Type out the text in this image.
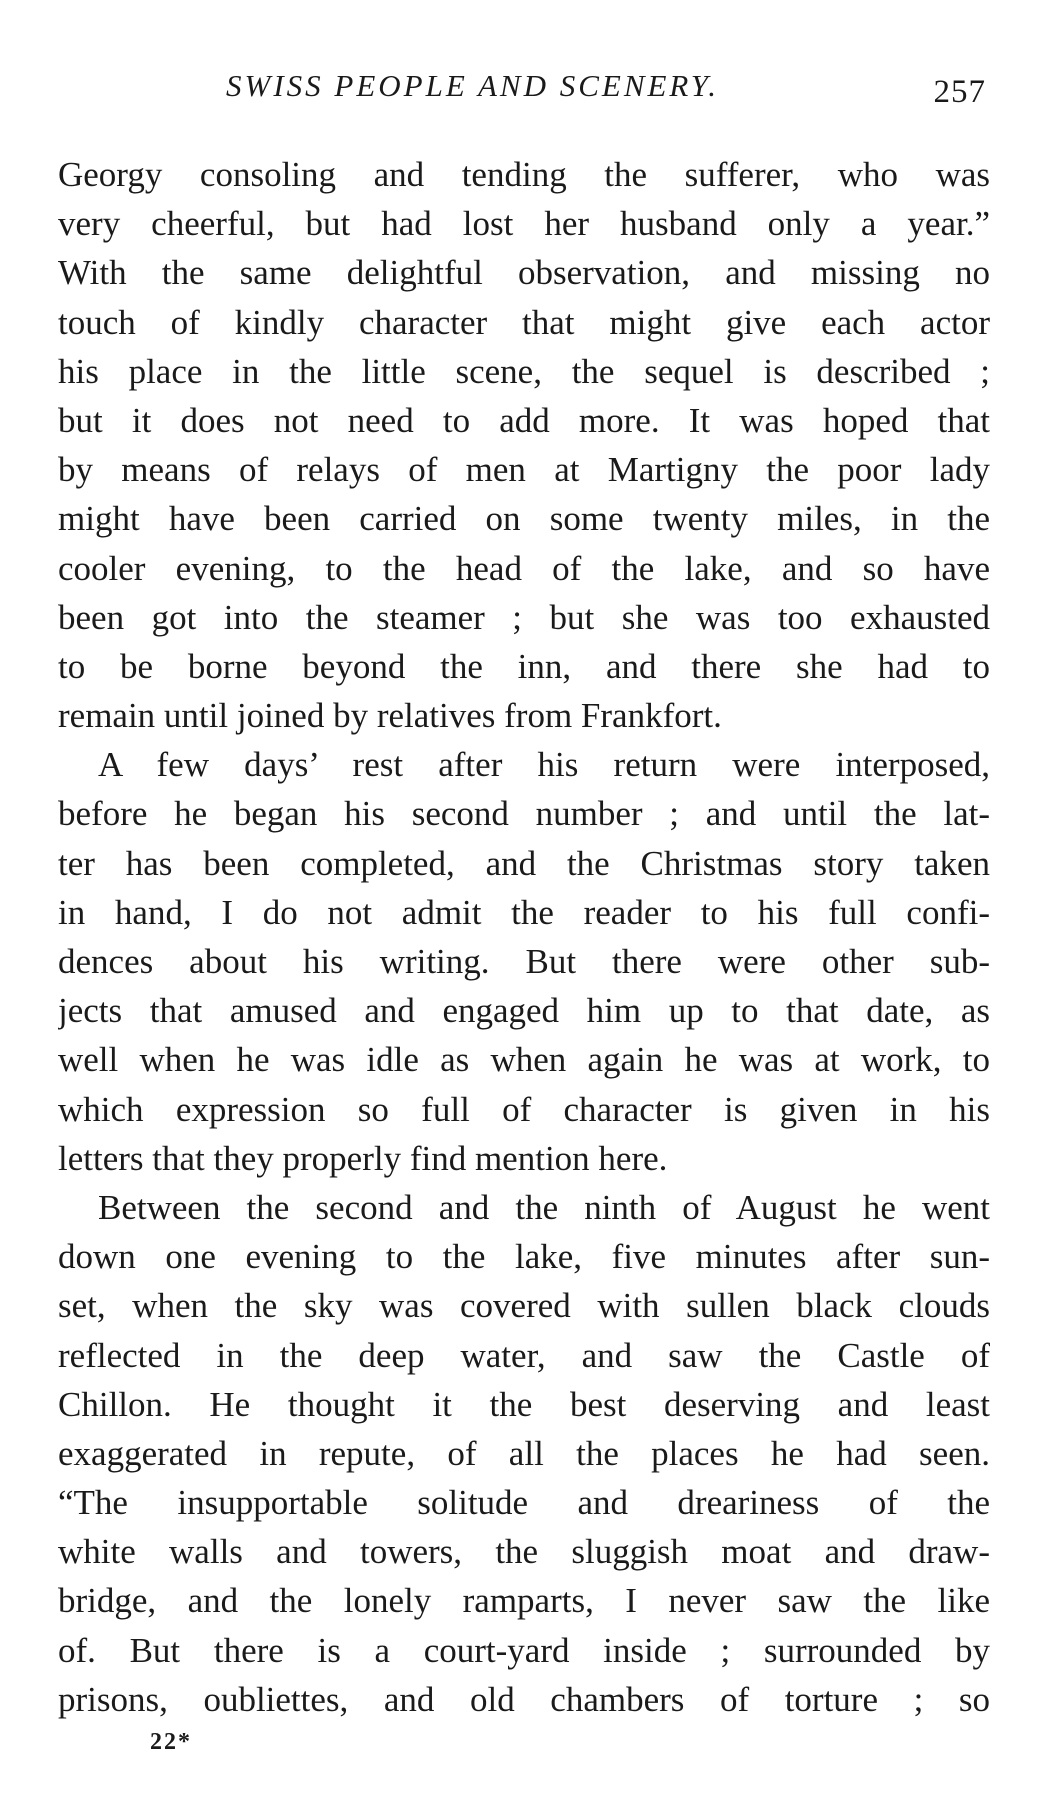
SWISS PEOPLE AND SCENERY.	257
Georgy consoling and tending the sufferer, who was
very cheerful, but had lost her husband only a year.”
With the same delightful observation, and missing no
touch of kindly character that might give each actor
his place in the little scene, the sequel is described ;
but it does not need to add more. It was hoped that
by means of relays of men at Martigny the poor lady
might have been carried on some twenty miles, in the
cooler evening, to the head of the lake, and so have
been got into the steamer ; but she was too exhausted
to be borne beyond the inn, and there she had to
remain until joined by relatives from Frankfort.
A few days’ rest after his return were interposed,
before he began his second number ; and until the lat-
ter has been completed, and the Christmas story taken
in hand, I do not admit the reader to his full confi-
dences about his writing. But there were other sub-
jects that amused and engaged him up to that date, as
well when he was idle as when again he was at work, to
which expression so full of character is given in his
letters that they properly find mention here.
Between the second and the ninth of August he went
down one evening to the lake, five minutes after sun-
set, when the sky was covered with sullen black clouds
reflected in the deep water, and saw the Castle of
Chillon. He thought it the best deserving and least
exaggerated in repute, of all the places he had seen.
“The insupportable solitude and dreariness of the
white walls and towers, the sluggish moat and draw-
bridge, and the lonely ramparts, I never saw the like
of. But there is a court-yard inside ; surrounded by
prisons, oubliettes, and old chambers of torture ; so
22*
